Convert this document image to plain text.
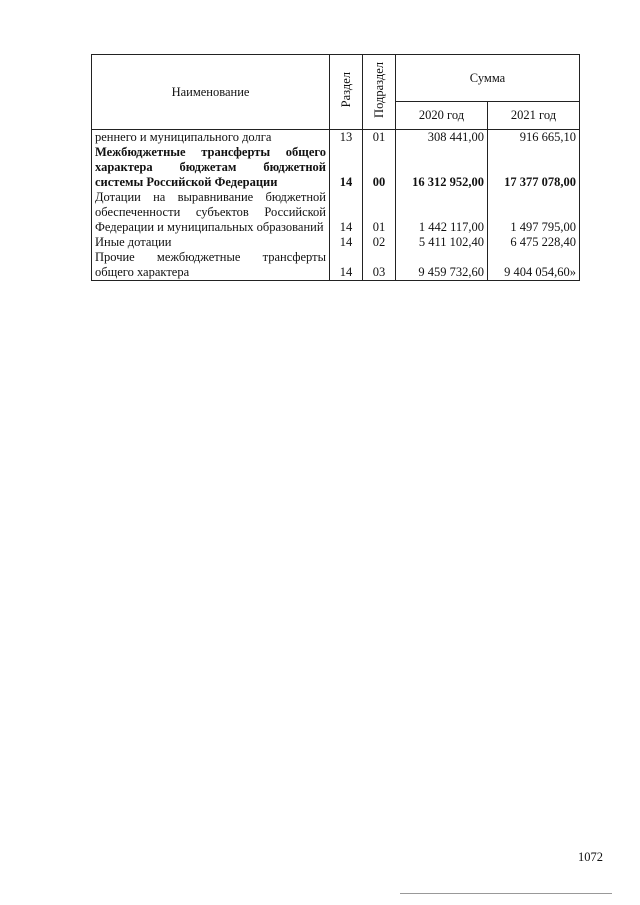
Наименование	Раздел	Подраздел	Сумма	
			2020 год	2021 год
реннего и муниципального долга	13	01	308 441,00	916 665,10
Межбюджетные трансферты общего характера бюджетам бюджетной системы Российской Федерации	14	00	16 312 952,00	17 377 078,00
Дотации на выравнивание бюджетной обеспеченности субъектов Российской Федерации и муниципальных образований	14	01	1 442 117,00	1 497 795,00
Иные дотации	14	02	5 411 102,40	6 475 228,40
Прочие межбюджетные трансферты общего характера	14	03	9 459 732,60	9 404 054,60»
1072
